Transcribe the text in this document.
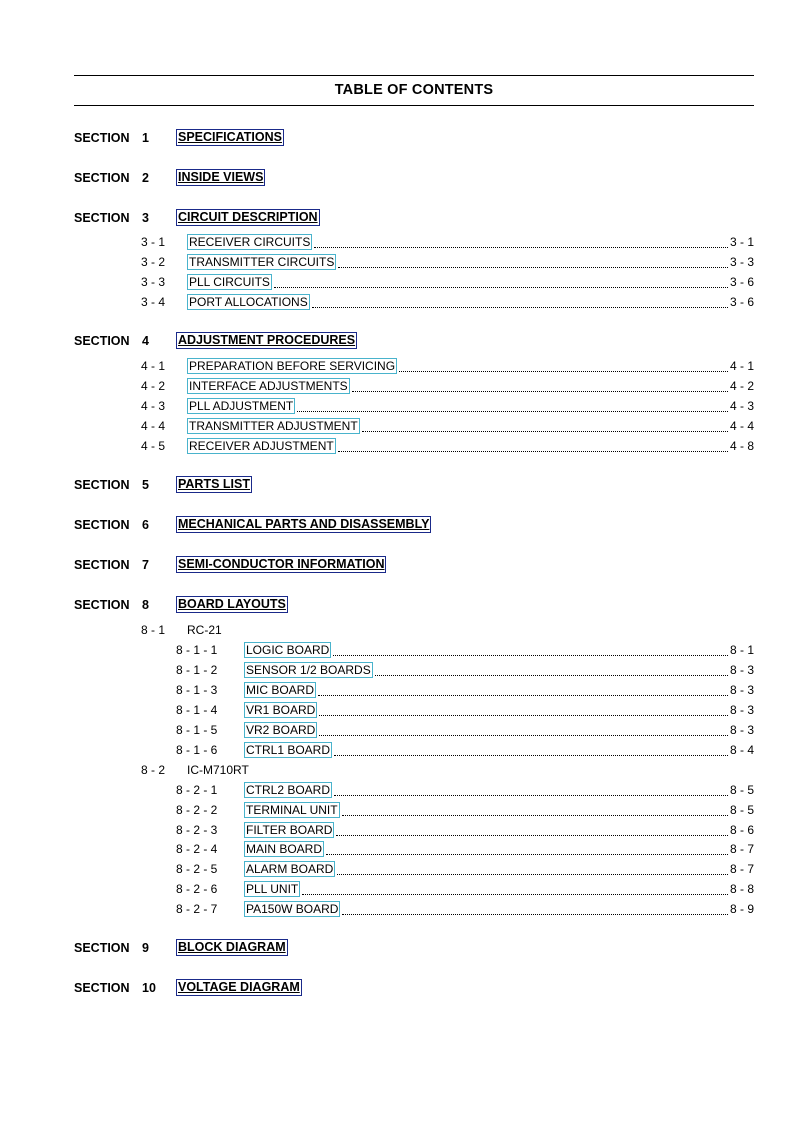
TABLE OF CONTENTS
SECTION 1 SPECIFICATIONS
SECTION 2 INSIDE VIEWS
SECTION 3 CIRCUIT DESCRIPTION
3 - 1 RECEIVER CIRCUITS	3 - 1
3 - 2 TRANSMITTER CIRCUITS	3 - 3
3 - 3 PLL CIRCUITS	3 - 6
3 - 4 PORT ALLOCATIONS	3 - 6
SECTION 4 ADJUSTMENT PROCEDURES
4 - 1 PREPARATION BEFORE SERVICING	4 - 1
4 - 2 INTERFACE ADJUSTMENTS	4 - 2
4 - 3 PLL ADJUSTMENT	4 - 3
4 - 4 TRANSMITTER ADJUSTMENT	4 - 4
4 - 5 RECEIVER ADJUSTMENT	4 - 8
SECTION 5 PARTS LIST
SECTION 6 MECHANICAL PARTS AND DISASSEMBLY
SECTION 7 SEMI-CONDUCTOR INFORMATION
SECTION 8 BOARD LAYOUTS
8 - 1 RC-21
8 - 1 - 1 LOGIC BOARD	8 - 1
8 - 1 - 2 SENSOR 1/2 BOARDS	8 - 3
8 - 1 - 3 MIC BOARD	8 - 3
8 - 1 - 4 VR1 BOARD	8 - 3
8 - 1 - 5 VR2 BOARD	8 - 3
8 - 1 - 6 CTRL1 BOARD	8 - 4
8 - 2 IC-M710RT
8 - 2 - 1 CTRL2 BOARD	8 - 5
8 - 2 - 2 TERMINAL UNIT	8 - 5
8 - 2 - 3 FILTER BOARD	8 - 6
8 - 2 - 4 MAIN BOARD	8 - 7
8 - 2 - 5 ALARM BOARD	8 - 7
8 - 2 - 6 PLL UNIT	8 - 8
8 - 2 - 7 PA150W BOARD	8 - 9
SECTION 9 BLOCK DIAGRAM
SECTION 10 VOLTAGE DIAGRAM
